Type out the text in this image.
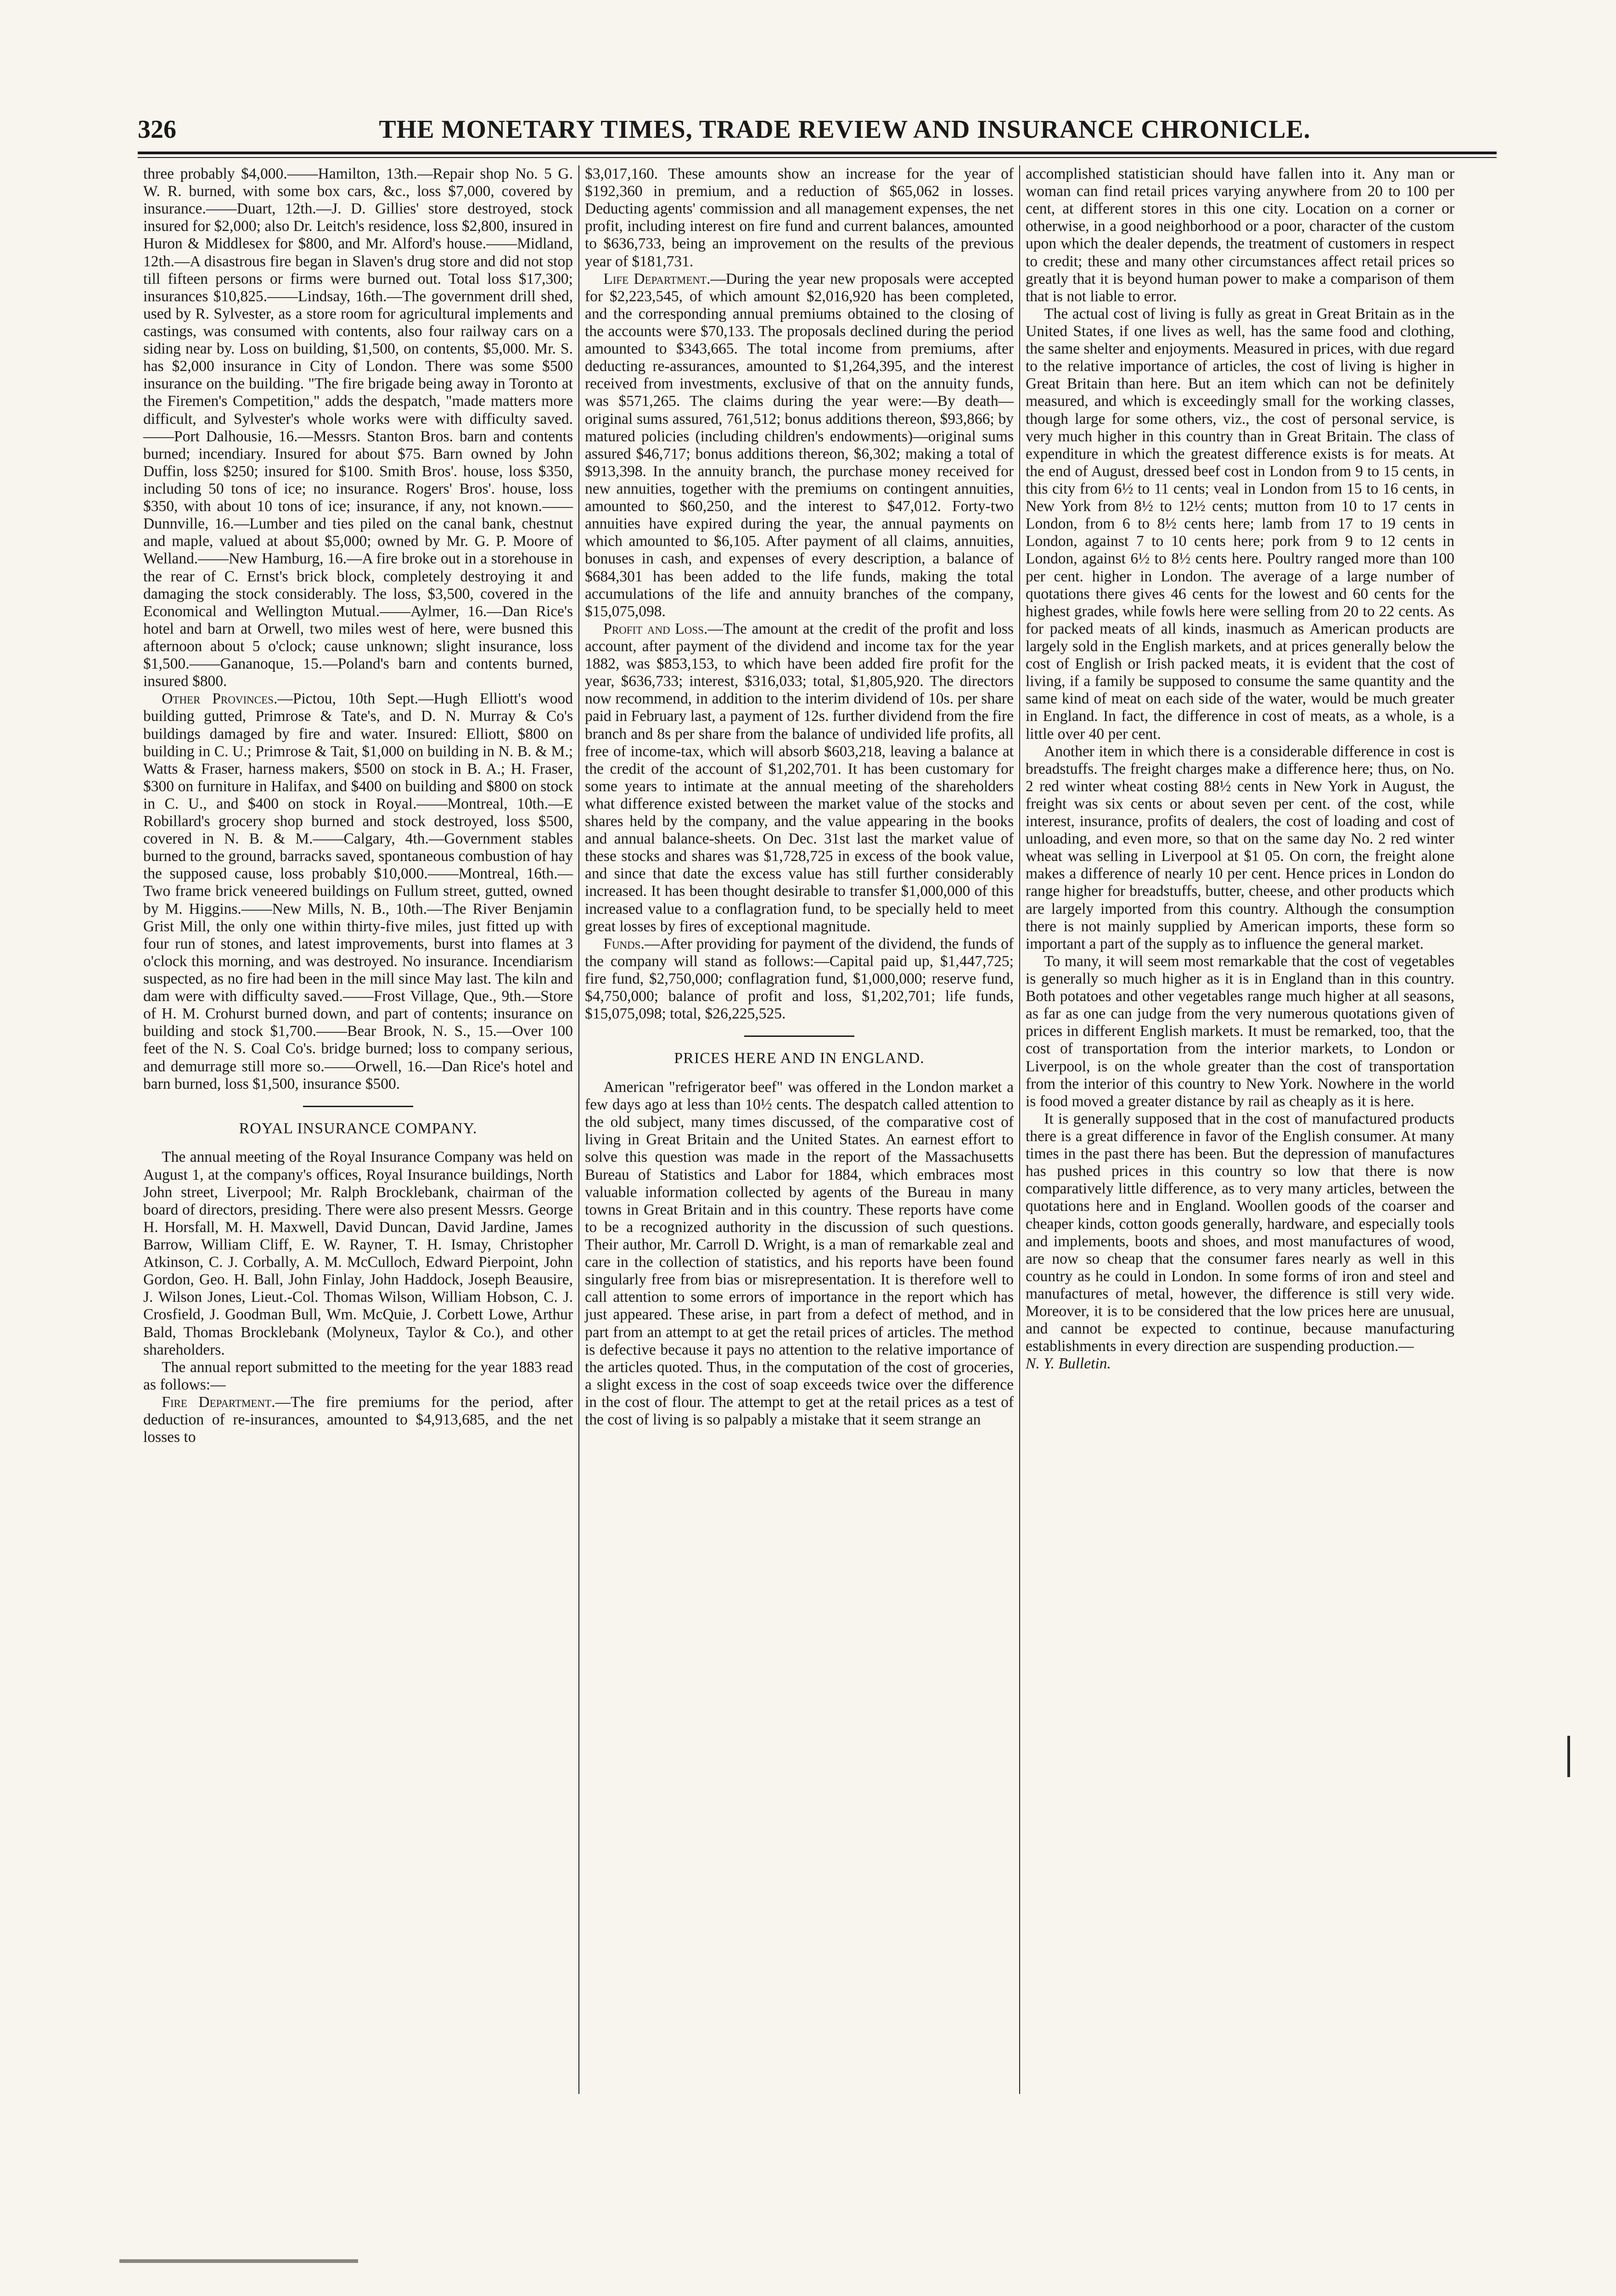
326	THE MONETARY TIMES, TRADE REVIEW AND INSURANCE CHRONICLE.

three probably $4,000.——Hamilton, 13th.—Repair shop No. 5 G. W. R. burned, with some box cars, &c., loss $7,000, covered by insurance.——Duart, 12th.—J. D. Gillies' store destroyed, stock insured for $2,000; also Dr. Leitch's residence, loss $2,800, insured in Huron & Middlesex for $800, and Mr. Alford's house.——Midland, 12th.—A disastrous fire began in Slaven's drug store and did not stop till fifteen persons or firms were burned out. Total loss $17,300; insurances $10,825.——Lindsay, 16th.—The government drill shed, used by R. Sylvester, as a store room for agricultural implements and castings, was consumed with contents, also four railway cars on a siding near by. Loss on building, $1,500, on contents, $5,000. Mr. S. has $2,000 insurance in City of London. There was some $500 insurance on the building. "The fire brigade being away in Toronto at the Firemen's Competition," adds the despatch, "made matters more difficult, and Sylvester's whole works were with difficulty saved.——Port Dalhousie, 16.—Messrs. Stanton Bros. barn and contents burned; incendiary. Insured for about $75. Barn owned by John Duffin, loss $250; insured for $100. Smith Bros'. house, loss $350, including 50 tons of ice; no insurance. Rogers' Bros'. house, loss $350, with about 10 tons of ice; insurance, if any, not known.——Dunnville, 16.—Lumber and ties piled on the canal bank, chestnut and maple, valued at about $5,000; owned by Mr. G. P. Moore of Welland.——New Hamburg, 16.—A fire broke out in a storehouse in the rear of C. Ernst's brick block, completely destroying it and damaging the stock considerably. The loss, $3,500, covered in the Economical and Wellington Mutual.——Aylmer, 16.—Dan Rice's hotel and barn at Orwell, two miles west of here, were busned this afternoon about 5 o'clock; cause unknown; slight insurance, loss $1,500.——Gananoque, 15.—Poland's barn and contents burned, insured $800.

Other Provinces.—Pictou, 10th Sept.—Hugh Elliott's wood building gutted, Primrose & Tate's, and D. N. Murray & Co's buildings damaged by fire and water. Insured: Elliott, $800 on building in C. U.; Primrose & Tait, $1,000 on building in N. B. & M.; Watts & Fraser, harness makers, $500 on stock in B. A.; H. Fraser, $300 on furniture in Halifax, and $400 on building and $800 on stock in C. U., and $400 on stock in Royal.——Montreal, 10th.—E Robillard's grocery shop burned and stock destroyed, loss $500, covered in N. B. & M.——Calgary, 4th.—Government stables burned to the ground, barracks saved, spontaneous combustion of hay the supposed cause, loss probably $10,000.——Montreal, 16th.—Two frame brick veneered buildings on Fullum street, gutted, owned by M. Higgins.——New Mills, N. B., 10th.—The River Benjamin Grist Mill, the only one within thirty-five miles, just fitted up with four run of stones, and latest improvements, burst into flames at 3 o'clock this morning, and was destroyed. No insurance. Incendiarism suspected, as no fire had been in the mill since May last. The kiln and dam were with difficulty saved.——Frost Village, Que., 9th.—Store of H. M. Crohurst burned down, and part of contents; insurance on building and stock $1,700.——Bear Brook, N. S., 15.—Over 100 feet of the N. S. Coal Co's. bridge burned; loss to company serious, and demurrage still more so.——Orwell, 16.—Dan Rice's hotel and barn burned, loss $1,500, insurance $500.

ROYAL INSURANCE COMPANY.

The annual meeting of the Royal Insurance Company was held on August 1, at the company's offices, Royal Insurance buildings, North John street, Liverpool; Mr. Ralph Brocklebank, chairman of the board of directors, presiding. There were also present Messrs. George H. Horsfall, M. H. Maxwell, David Duncan, David Jardine, James Barrow, William Cliff, E. W. Rayner, T. H. Ismay, Christopher Atkinson, C. J. Corbally, A. M. McCulloch, Edward Pierpoint, John Gordon, Geo. H. Ball, John Finlay, John Haddock, Joseph Beausire, J. Wilson Jones, Lieut.-Col. Thomas Wilson, William Hobson, C. J. Crosfield, J. Goodman Bull, Wm. McQuie, J. Corbett Lowe, Arthur Bald, Thomas Brocklebank (Molyneux, Taylor & Co.), and other shareholders.

The annual report submitted to the meeting for the year 1883 read as follows:—

Fire Department.—The fire premiums for the period, after deduction of re-insurances, amounted to $4,913,685, and the net losses to

$3,017,160. These amounts show an increase for the year of $192,360 in premium, and a reduction of $65,062 in losses. Deducting agents' commission and all management expenses, the net profit, including interest on fire fund and current balances, amounted to $636,733, being an improvement on the results of the previous year of $181,731.

Life Department.—During the year new proposals were accepted for $2,223,545, of which amount $2,016,920 has been completed, and the corresponding annual premiums obtained to the closing of the accounts were $70,133. The proposals declined during the period amounted to $343,665. The total income from premiums, after deducting re-assurances, amounted to $1,264,395, and the interest received from investments, exclusive of that on the annuity funds, was $571,265. The claims during the year were:—By death—original sums assured, 761,512; bonus additions thereon, $93,866; by matured policies (including children's endowments)—original sums assured $46,717; bonus additions thereon, $6,302; making a total of $913,398. In the annuity branch, the purchase money received for new annuities, together with the premiums on contingent annuities, amounted to $60,250, and the interest to $47,012. Forty-two annuities have expired during the year, the annual payments on which amounted to $6,105. After payment of all claims, annuities, bonuses in cash, and expenses of every description, a balance of $684,301 has been added to the life funds, making the total accumulations of the life and annuity branches of the company, $15,075,098.

Profit and Loss.—The amount at the credit of the profit and loss account, after payment of the dividend and income tax for the year 1882, was $853,153, to which have been added fire profit for the year, $636,733; interest, $316,033; total, $1,805,920. The directors now recommend, in addition to the interim dividend of 10s. per share paid in February last, a payment of 12s. further dividend from the fire branch and 8s per share from the balance of undivided life profits, all free of income-tax, which will absorb $603,218, leaving a balance at the credit of the account of $1,202,701. It has been customary for some years to intimate at the annual meeting of the shareholders what difference existed between the market value of the stocks and shares held by the company, and the value appearing in the books and annual balance-sheets. On Dec. 31st last the market value of these stocks and shares was $1,728,725 in excess of the book value, and since that date the excess value has still further considerably increased. It has been thought desirable to transfer $1,000,000 of this increased value to a conflagration fund, to be specially held to meet great losses by fires of exceptional magnitude.

Funds.—After providing for payment of the dividend, the funds of the company will stand as follows:—Capital paid up, $1,447,725; fire fund, $2,750,000; conflagration fund, $1,000,000; reserve fund, $4,750,000; balance of profit and loss, $1,202,701; life funds, $15,075,098; total, $26,225,525.

PRICES HERE AND IN ENGLAND.

American "refrigerator beef" was offered in the London market a few days ago at less than 10½ cents. The despatch called attention to the old subject, many times discussed, of the comparative cost of living in Great Britain and the United States. An earnest effort to solve this question was made in the report of the Massachusetts Bureau of Statistics and Labor for 1884, which embraces most valuable information collected by agents of the Bureau in many towns in Great Britain and in this country. These reports have come to be a recognized authority in the discussion of such questions. Their author, Mr. Carroll D. Wright, is a man of remarkable zeal and care in the collection of statistics, and his reports have been found singularly free from bias or misrepresentation. It is therefore well to call attention to some errors of importance in the report which has just appeared. These arise, in part from a defect of method, and in part from an attempt to at get the retail prices of articles. The method is defective because it pays no attention to the relative importance of the articles quoted. Thus, in the computation of the cost of groceries, a slight excess in the cost of soap exceeds twice over the difference in the cost of flour. The attempt to get at the retail prices as a test of the cost of living is so palpably a mistake that it seem strange an

accomplished statistician should have fallen into it. Any man or woman can find retail prices varying anywhere from 20 to 100 per cent, at different stores in this one city. Location on a corner or otherwise, in a good neighborhood or a poor, character of the custom upon which the dealer depends, the treatment of customers in respect to credit; these and many other circumstances affect retail prices so greatly that it is beyond human power to make a comparison of them that is not liable to error.

The actual cost of living is fully as great in Great Britain as in the United States, if one lives as well, has the same food and clothing, the same shelter and enjoyments. Measured in prices, with due regard to the relative importance of articles, the cost of living is higher in Great Britain than here. But an item which can not be definitely measured, and which is exceedingly small for the working classes, though large for some others, viz., the cost of personal service, is very much higher in this country than in Great Britain. The class of expenditure in which the greatest difference exists is for meats. At the end of August, dressed beef cost in London from 9 to 15 cents, in this city from 6½ to 11 cents; veal in London from 15 to 16 cents, in New York from 8½ to 12½ cents; mutton from 10 to 17 cents in London, from 6 to 8½ cents here; lamb from 17 to 19 cents in London, against 7 to 10 cents here; pork from 9 to 12 cents in London, against 6½ to 8½ cents here. Poultry ranged more than 100 per cent. higher in London. The average of a large number of quotations there gives 46 cents for the lowest and 60 cents for the highest grades, while fowls here were selling from 20 to 22 cents. As for packed meats of all kinds, inasmuch as American products are largely sold in the English markets, and at prices generally below the cost of English or Irish packed meats, it is evident that the cost of living, if a family be supposed to consume the same quantity and the same kind of meat on each side of the water, would be much greater in England. In fact, the difference in cost of meats, as a whole, is a little over 40 per cent.

Another item in which there is a considerable difference in cost is breadstuffs. The freight charges make a difference here; thus, on No. 2 red winter wheat costing 88½ cents in New York in August, the freight was six cents or about seven per cent. of the cost, while interest, insurance, profits of dealers, the cost of loading and cost of unloading, and even more, so that on the same day No. 2 red winter wheat was selling in Liverpool at $1 05. On corn, the freight alone makes a difference of nearly 10 per cent. Hence prices in London do range higher for breadstuffs, butter, cheese, and other products which are largely imported from this country. Although the consumption there is not mainly supplied by American imports, these form so important a part of the supply as to influence the general market.

To many, it will seem most remarkable that the cost of vegetables is generally so much higher as it is in England than in this country. Both potatoes and other vegetables range much higher at all seasons, as far as one can judge from the very numerous quotations given of prices in different English markets. It must be remarked, too, that the cost of transportation from the interior markets, to London or Liverpool, is on the whole greater than the cost of transportation from the interior of this country to New York. Nowhere in the world is food moved a greater distance by rail as cheaply as it is here.

It is generally supposed that in the cost of manufactured products there is a great difference in favor of the English consumer. At many times in the past there has been. But the depression of manufactures has pushed prices in this country so low that there is now comparatively little difference, as to very many articles, between the quotations here and in England. Woollen goods of the coarser and cheaper kinds, cotton goods generally, hardware, and especially tools and implements, boots and shoes, and most manufactures of wood, are now so cheap that the consumer fares nearly as well in this country as he could in London. In some forms of iron and steel and manufactures of metal, however, the difference is still very wide. Moreover, it is to be considered that the low prices here are unusual, and cannot be expected to continue, because manufacturing establishments in every direction are suspending production.—

N. Y. Bulletin.
